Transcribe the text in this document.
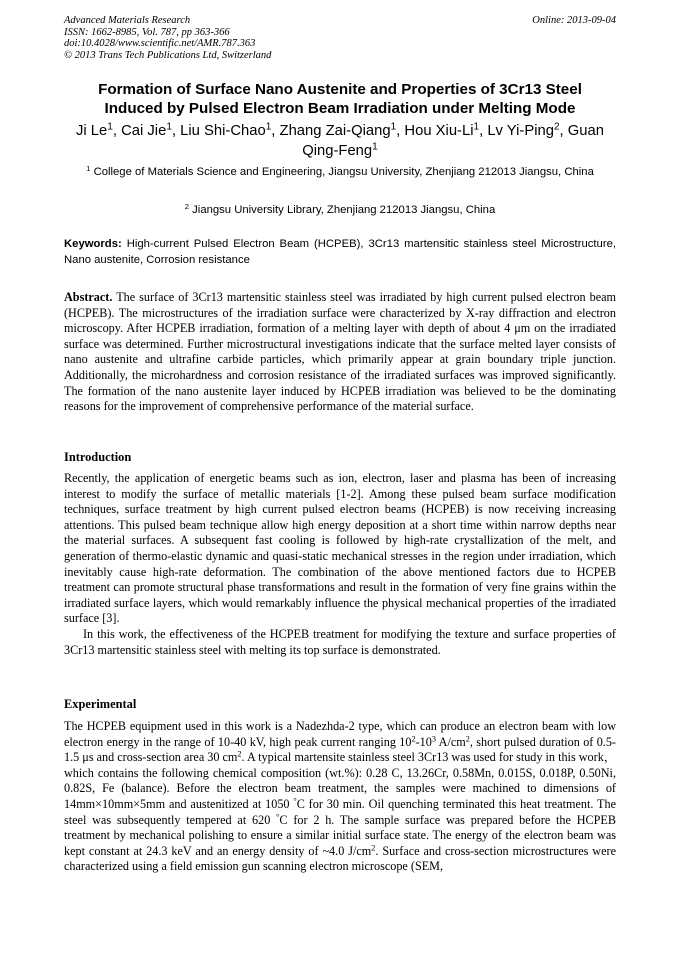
Advanced Materials Research
ISSN: 1662-8985, Vol. 787, pp 363-366
doi:10.4028/www.scientific.net/AMR.787.363
© 2013 Trans Tech Publications Ltd, Switzerland
Online: 2013-09-04
Formation of Surface Nano Austenite and Properties of 3Cr13 Steel
Induced by Pulsed Electron Beam Irradiation under Melting Mode
Ji Le$^1$, Cai Jie$^1$, Liu Shi-Chao$^1$, Zhang Zai-Qiang$^1$, Hou Xiu-Li$^1$, Lv Yi-Ping$^2$, Guan Qing-Feng$^1$
$^1$ College of Materials Science and Engineering, Jiangsu University, Zhenjiang 212013 Jiangsu, China
$^2$ Jiangsu University Library, Zhenjiang 212013 Jiangsu, China
Keywords: High-current Pulsed Electron Beam (HCPEB), 3Cr13 martensitic stainless steel Microstructure, Nano austenite, Corrosion resistance
Abstract. The surface of 3Cr13 martensitic stainless steel was irradiated by high current pulsed electron beam (HCPEB). The microstructures of the irradiation surface were characterized by X-ray diffraction and electron microscopy. After HCPEB irradiation, formation of a melting layer with depth of about 4 μm on the irradiated surface was determined. Further microstructural investigations indicate that the surface melted layer consists of nano austenite and ultrafine carbide particles, which primarily appear at grain boundary triple junction. Additionally, the microhardness and corrosion resistance of the irradiated surfaces was improved significantly. The formation of the nano austenite layer induced by HCPEB irradiation was believed to be the dominating reasons for the improvement of comprehensive performance of the material surface.
Introduction

Recently, the application of energetic beams such as ion, electron, laser and plasma has been of increasing interest to modify the surface of metallic materials [1-2]. Among these pulsed beam surface modification techniques, surface treatment by high current pulsed electron beams (HCPEB) is now receiving increasing attentions. This pulsed beam technique allow high energy deposition at a short time within narrow depths near the material surfaces. A subsequent fast cooling is followed by high-rate crystallization of the melt, and generation of thermo-elastic dynamic and quasi-static mechanical stresses in the region under irradiation, which inevitably cause high-rate deformation. The combination of the above mentioned factors due to HCPEB treatment can promote structural phase transformations and result in the formation of very fine grains within the irradiated surface layers, which would remarkably influence the physical mechanical properties of the irradiated surface [3].

In this work, the effectiveness of the HCPEB treatment for modifying the texture and surface properties of 3Cr13 martensitic stainless steel with melting its top surface is demonstrated.

Experimental
The HCPEB equipment used in this work is a Nadezhda-2 type, which can produce an electron beam with low electron energy in the range of 10-40 kV, high peak current ranging $10^2-10^3$ $A/cm^2$, short pulsed duration of 0.5-1.5 μs and cross-section area 30 $cm^2$. A typical martensite stainless steel 3Cr13 was used for study in this work，which contains the following chemical composition (wt.%): 0.28 C, 13.26Cr, 0.58Mn, 0.015S, 0.018P, 0.50Ni, 0.82S, Fe (balance). Before the electron beam treatment, the samples were machined to dimensions of 14mm×10mm×5mm and austenitized at 1050 °C for 30 min. Oil quenching terminated this heat treatment. The steel was subsequently tempered at 620 °C for 2 h. The sample surface was prepared before the HCPEB treatment by mechanical polishing to ensure a similar initial surface state. The energy of the electron beam was kept constant at 24.3 keV and an energy density of ~4.0 $J/cm^2$. Surface and cross-section microstructures were characterized using a field emission gun scanning electron microscope (SEM,
